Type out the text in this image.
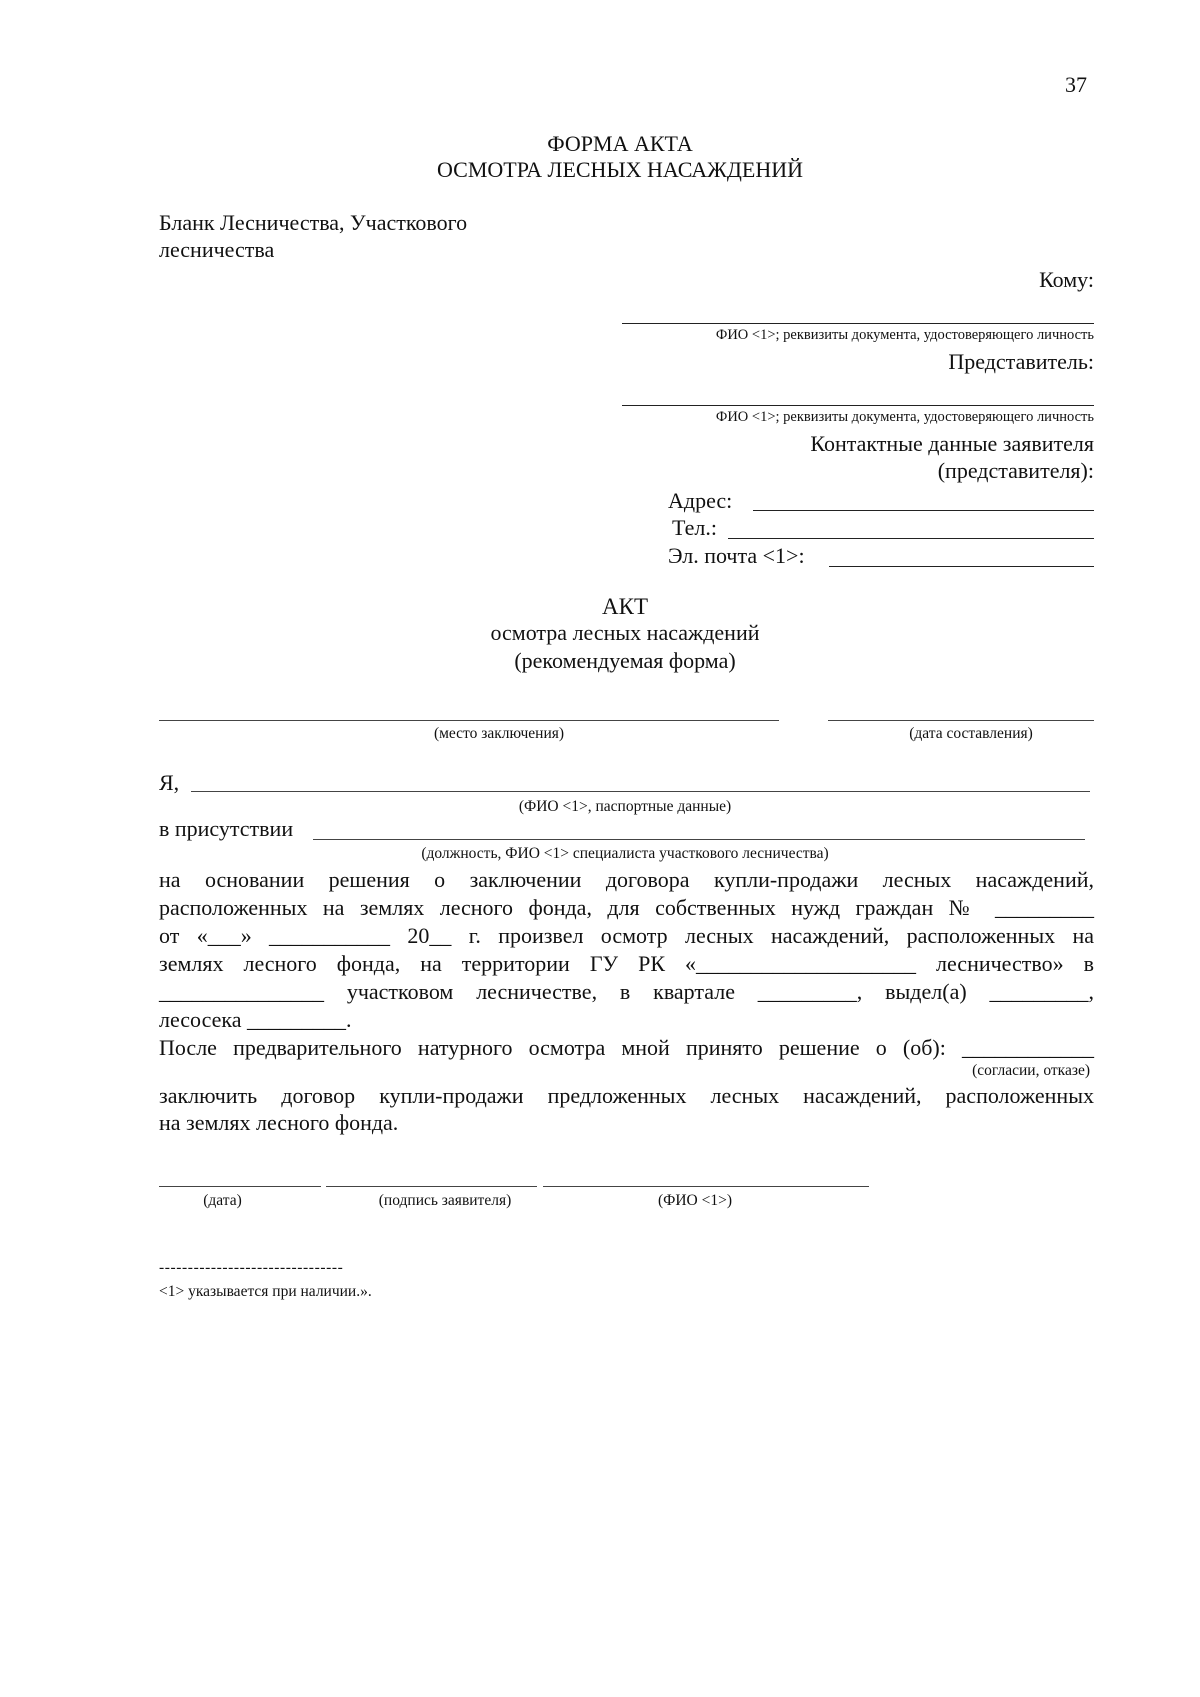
37
ФОРМА АКТА
ОСМОТРА ЛЕСНЫХ НАСАЖДЕНИЙ
Бланк Лесничества, Участкового
лесничества
Кому:
ФИО <1>; реквизиты документа, удостоверяющего личность
Представитель:
ФИО <1>; реквизиты документа, удостоверяющего личность
Контактные данные заявителя
(представителя):
Адрес:
Тел.:
Эл. почта <1>:
АКТ
осмотра лесных насаждений
(рекомендуемая форма)
(место заключения)	(дата составления)
Я,
(ФИО <1>, паспортные данные)
в присутствии
(должность, ФИО <1> специалиста участкового лесничества)
на основании решения о заключении договора купли-продажи лесных насаждений,
расположенных на землях лесного фонда, для собственных нужд граждан № _________
от «___» ___________ 20__ г. произвел осмотр лесных насаждений, расположенных на
землях лесного фонда, на территории ГУ РК «____________________ лесничество» в
_______________ участковом лесничестве, в квартале _________, выдел(а) _________,
лесосека _________.
После предварительного натурного осмотра мной принято решение о (об): ____________
(согласии, отказе)
заключить договор купли-продажи предложенных лесных насаждений, расположенных
на землях лесного фонда.
(дата)	(подпись заявителя)	(ФИО <1>)
--------------------------------
<1> указывается при наличии.».
